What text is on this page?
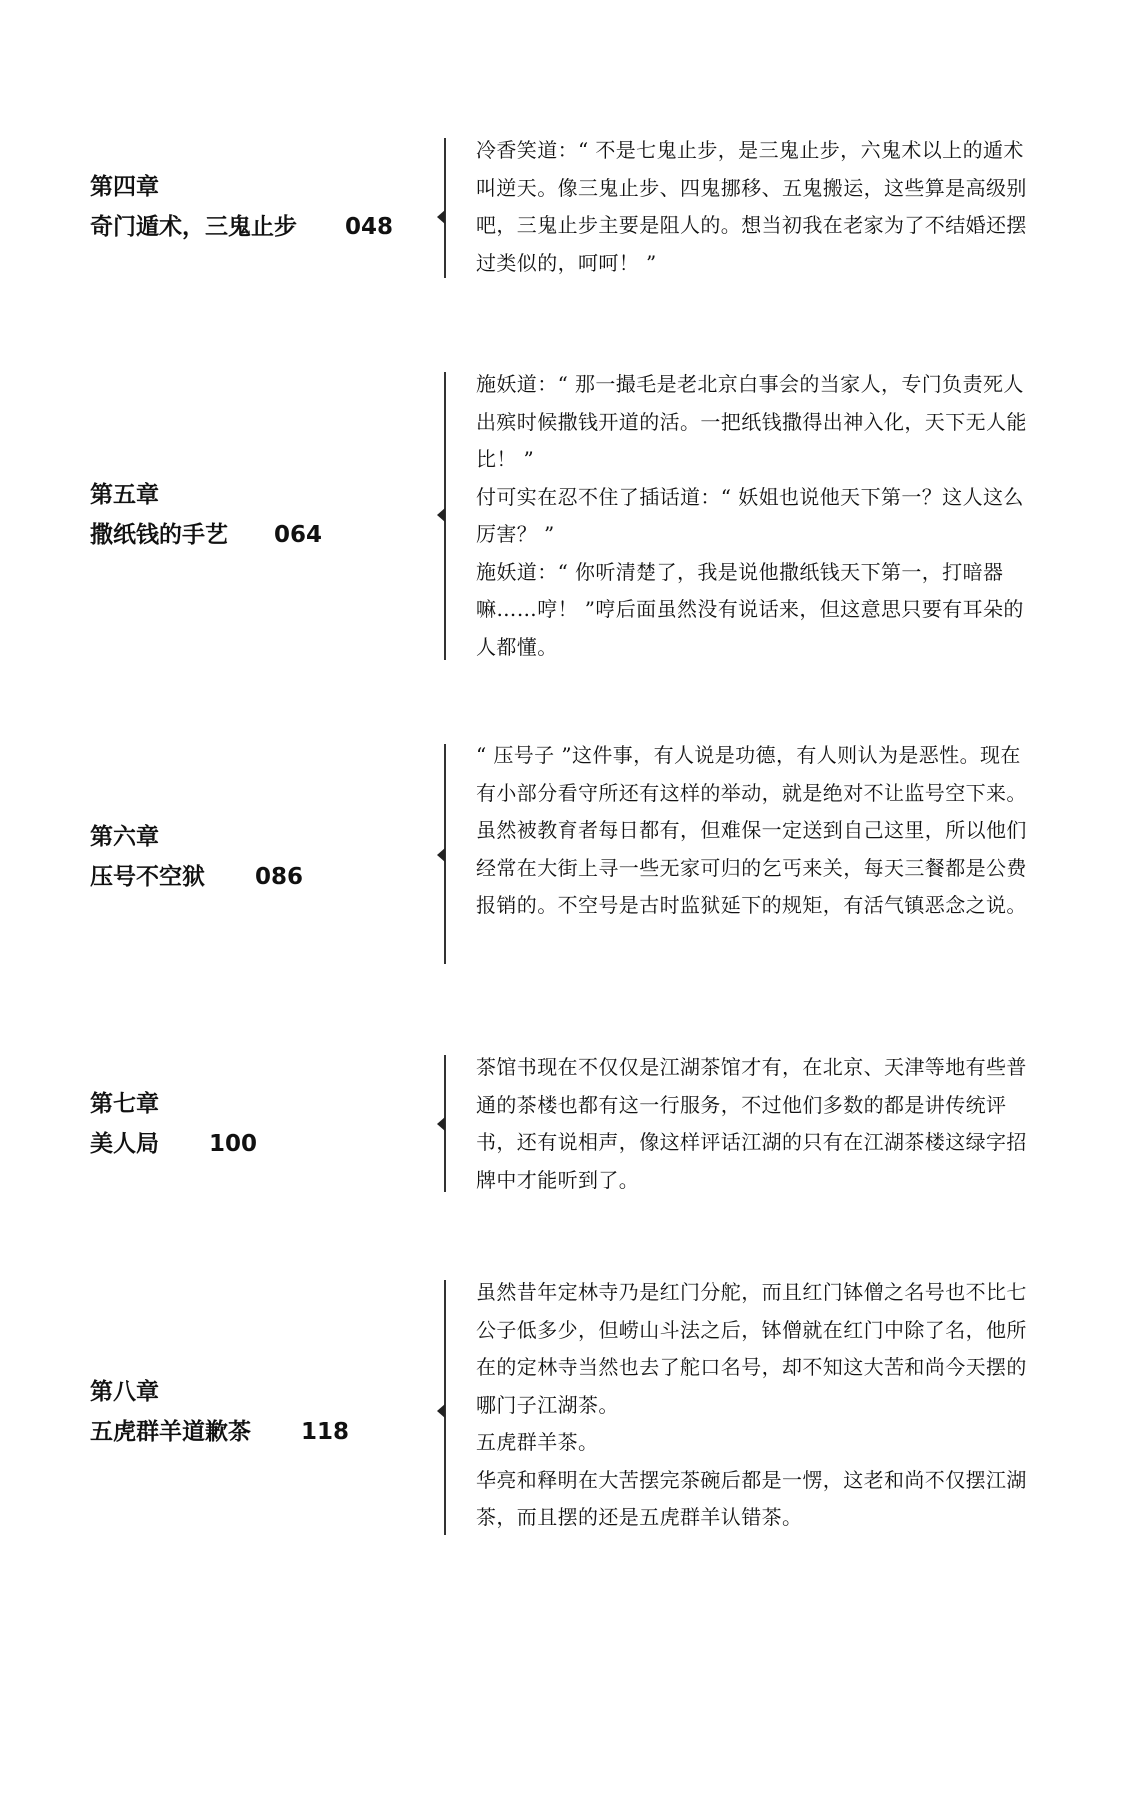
第四章
奇门遁术，三鬼止步 048

冷香笑道：“ 不是七鬼止步，是三鬼止步，六鬼术以上的遁术叫逆天。像三鬼止步、四鬼挪移、五鬼搬运，这些算是高级别吧，三鬼止步主要是阻人的。想当初我在老家为了不结婚还摆过类似的，呵呵！ ”

第五章
撒纸钱的手艺 064

施妖道：“ 那一撮毛是老北京白事会的当家人，专门负责死人出殡时候撒钱开道的活。一把纸钱撒得出神入化，天下无人能比！ ”

付可实在忍不住了插话道：“ 妖姐也说他天下第一？这人这么厉害？ ”

施妖道：“ 你听清楚了，我是说他撒纸钱天下第一，打暗器嘛……哼！ ”哼后面虽然没有说话来，但这意思只要有耳朵的人都懂。

第六章
压号不空狱 086

“ 压号子 ”这件事，有人说是功德，有人则认为是恶性。现在有小部分看守所还有这样的举动，就是绝对不让监号空下来。虽然被教育者每日都有，但难保一定送到自己这里，所以他们经常在大街上寻一些无家可归的乞丐来关，每天三餐都是公费报销的。不空号是古时监狱延下的规矩，有活气镇恶念之说。

第七章
美人局 100

茶馆书现在不仅仅是江湖茶馆才有，在北京、天津等地有些普通的茶楼也都有这一行服务，不过他们多数的都是讲传统评书，还有说相声，像这样评话江湖的只有在江湖茶楼这绿字招牌中才能听到了。

第八章
五虎群羊道歉茶 118

虽然昔年定林寺乃是红门分舵，而且红门钵僧之名号也不比七公子低多少，但崂山斗法之后，钵僧就在红门中除了名，他所在的定林寺当然也去了舵口名号，却不知这大苦和尚今天摆的哪门子江湖茶。

五虎群羊茶。

华亮和释明在大苦摆完茶碗后都是一愣，这老和尚不仅摆江湖茶，而且摆的还是五虎群羊认错茶。
